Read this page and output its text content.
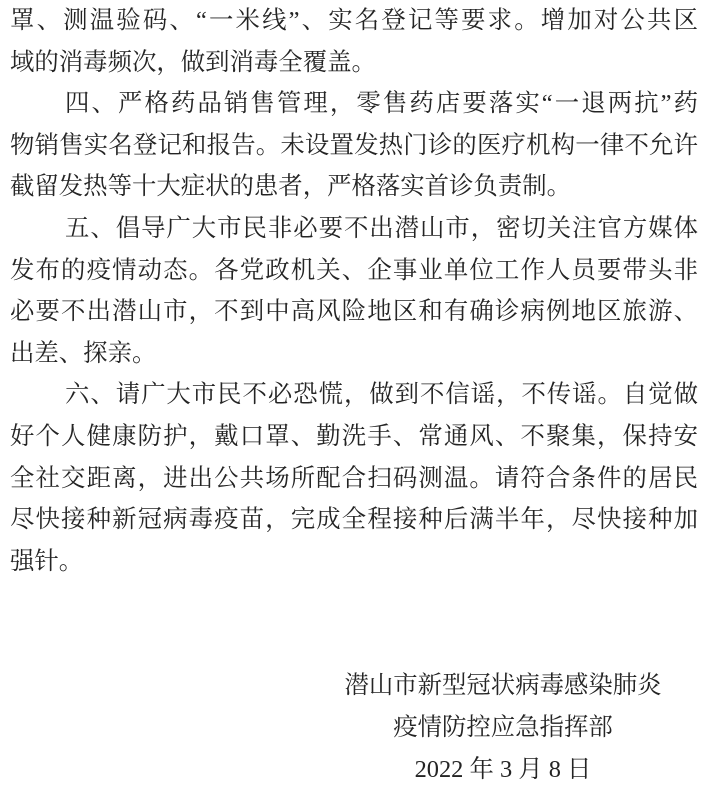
罩、测温验码、“一米线”、实名登记等要求。增加对公共区
域的消毒频次，做到消毒全覆盖。
四、严格药品销售管理，零售药店要落实“一退两抗”药
物销售实名登记和报告。未设置发热门诊的医疗机构一律不允许
截留发热等十大症状的患者，严格落实首诊负责制。
五、倡导广大市民非必要不出潜山市，密切关注官方媒体
发布的疫情动态。各党政机关、企事业单位工作人员要带头非
必要不出潜山市，不到中高风险地区和有确诊病例地区旅游、
出差、探亲。
六、请广大市民不必恐慌，做到不信谣，不传谣。自觉做
好个人健康防护，戴口罩、勤洗手、常通风、不聚集，保持安
全社交距离，进出公共场所配合扫码测温。请符合条件的居民
尽快接种新冠病毒疫苗，完成全程接种后满半年，尽快接种加
强针。
潜山市新型冠状病毒感染肺炎
疫情防控应急指挥部
2022 年 3 月 8 日
